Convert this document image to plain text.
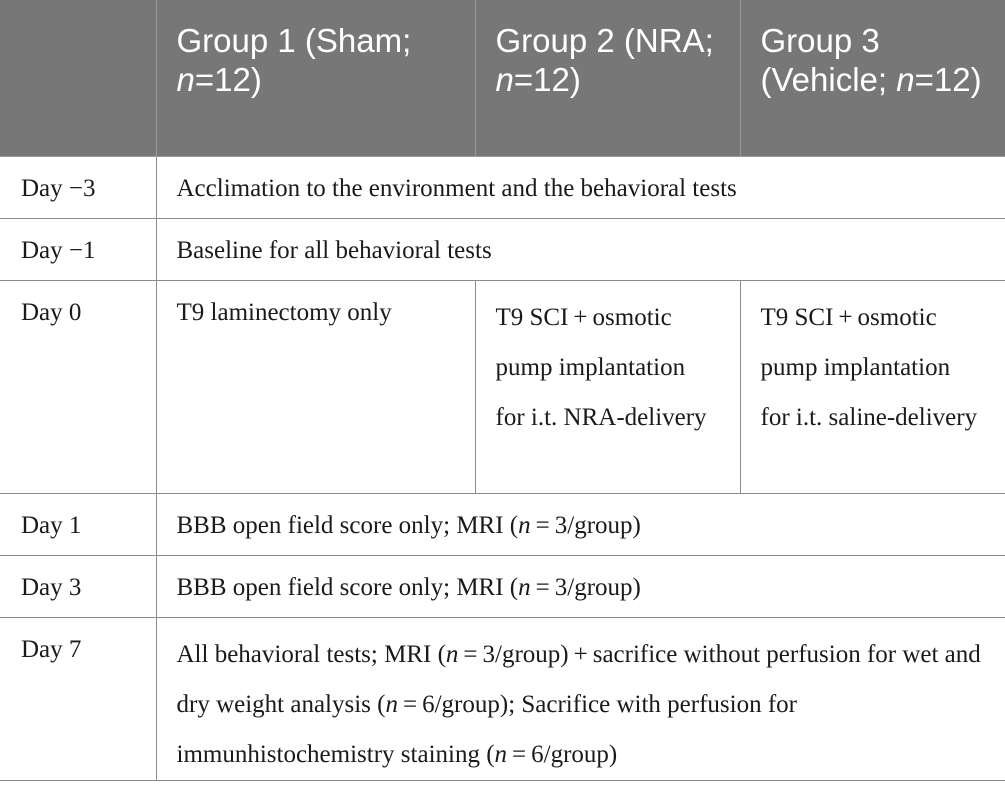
	Group 1 (Sham; n=12)	Group 2 (NRA; n=12)	Group 3 (Vehicle; n=12)
Day −3	Acclimation to the environment and the behavioral tests		
Day −1	Baseline for all behavioral tests		
Day 0	T9 laminectomy only	T9 SCI + osmotic pump implantation for i.t. NRA-delivery	T9 SCI + osmotic pump implantation for i.t. saline-delivery
Day 1	BBB open field score only; MRI (n = 3/group)		
Day 3	BBB open field score only; MRI (n = 3/group)		
Day 7	All behavioral tests; MRI (n = 3/group) + sacrifice without perfusion for wet and dry weight analysis (n = 6/group); Sacrifice with perfusion for immunhistochemistry staining (n = 6/group)		
